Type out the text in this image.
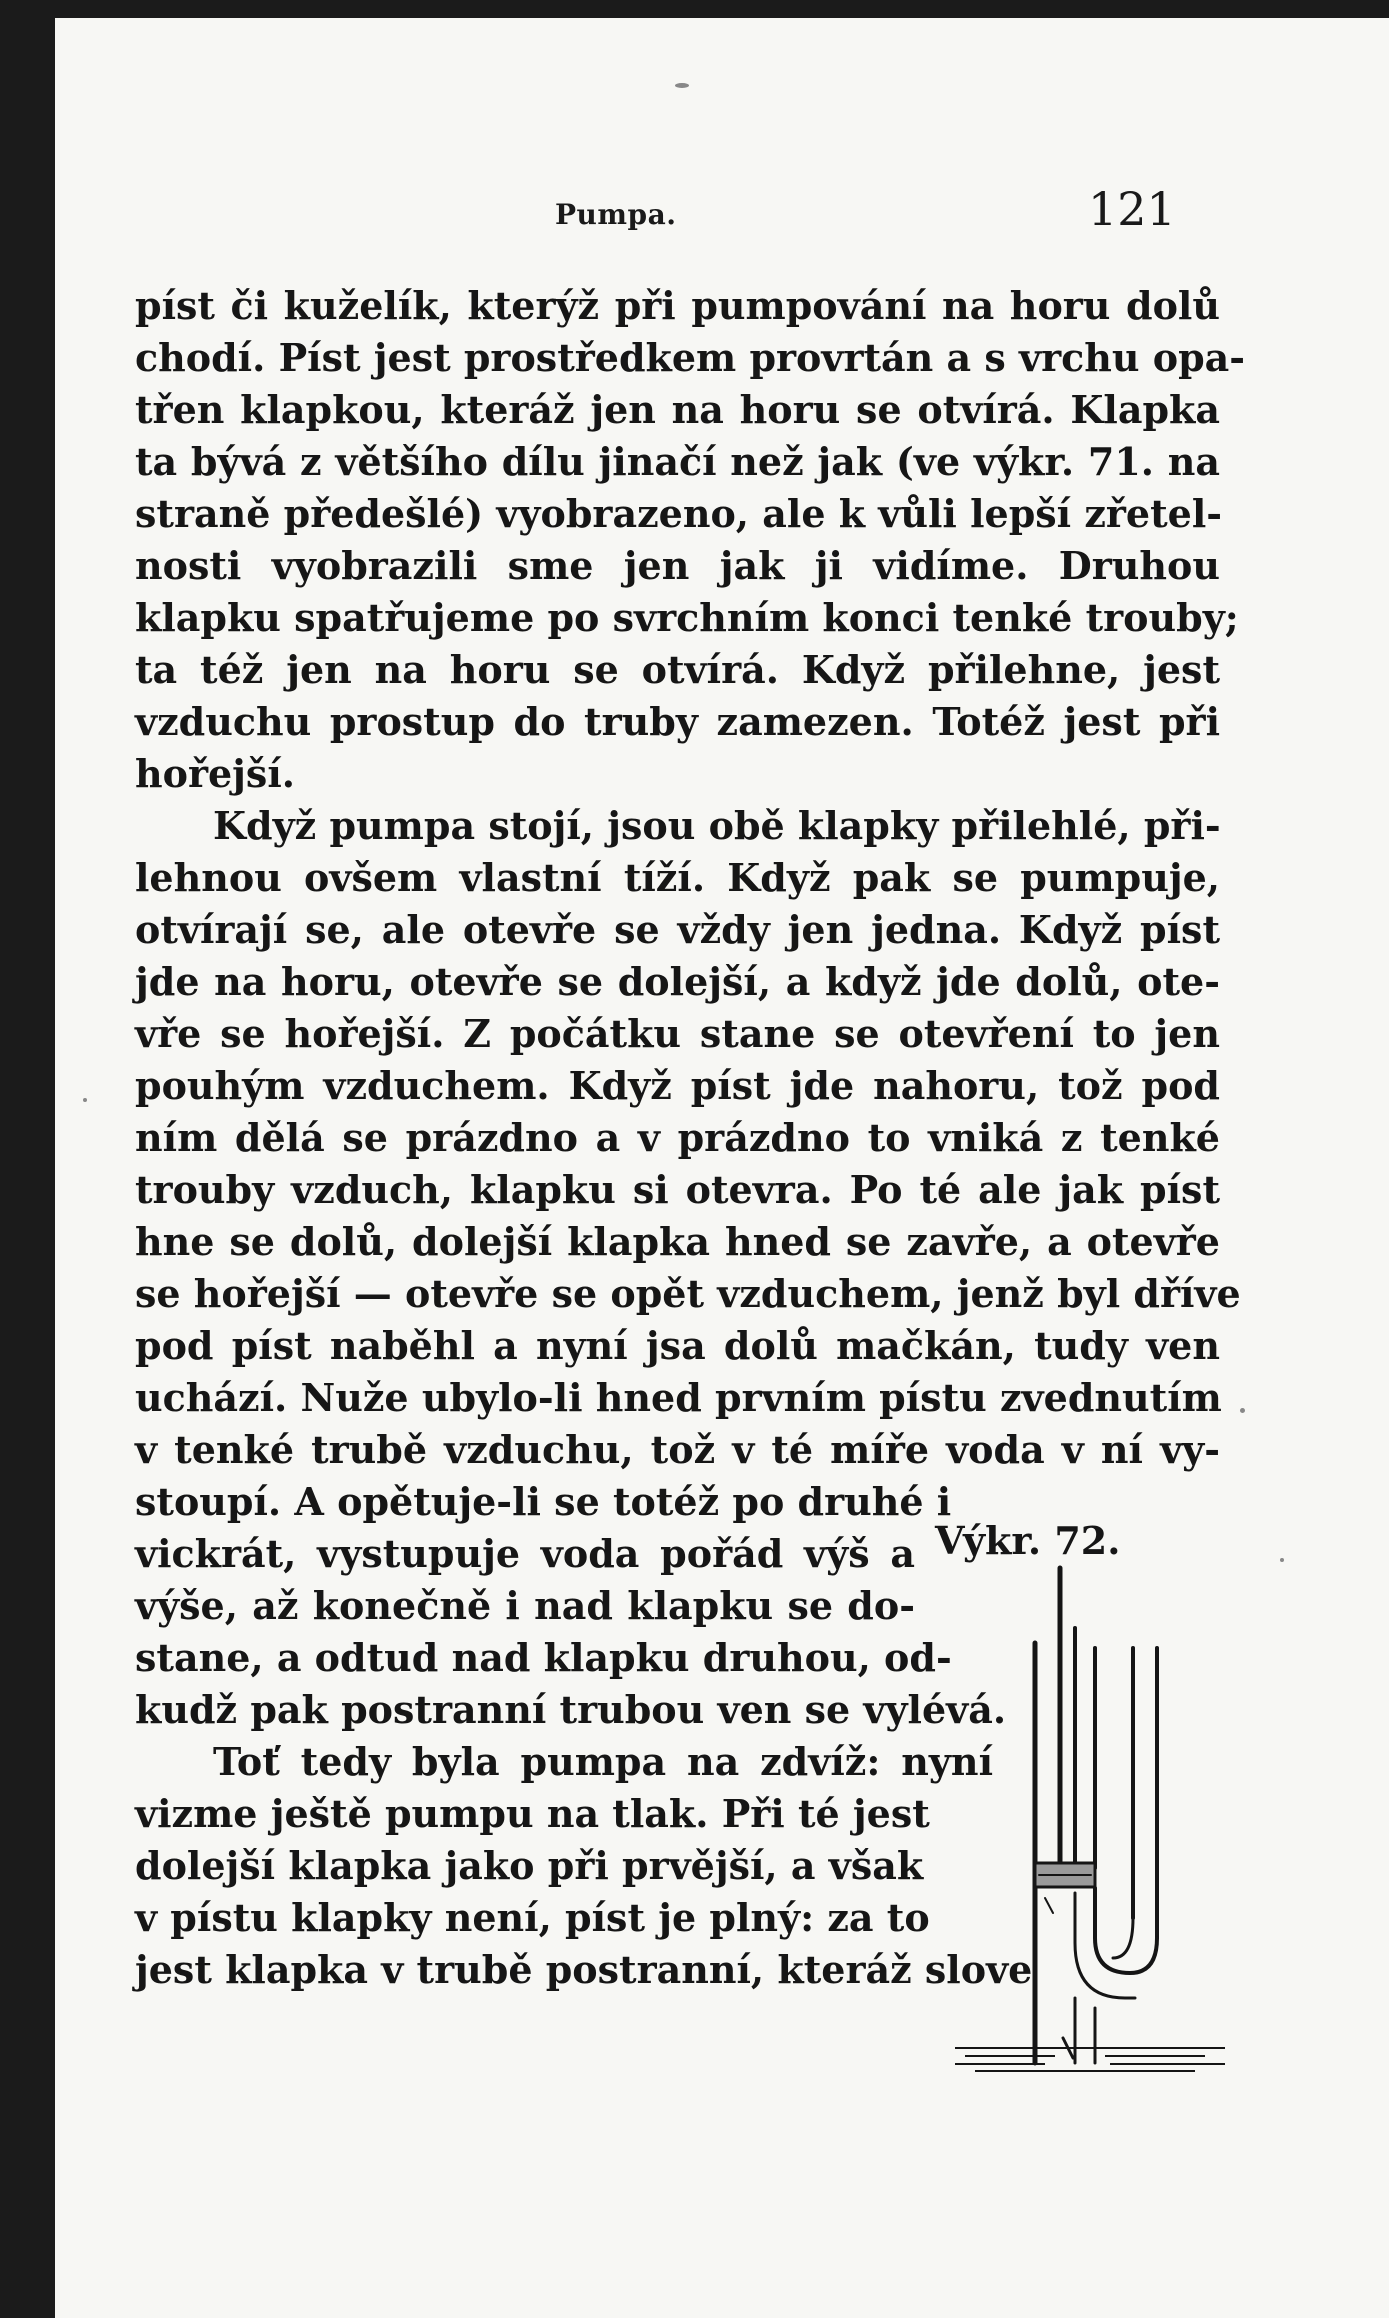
Pumpa.	121
píst či kuželík, kterýž při pumpování na horu dolů
chodí. Píst jest prostředkem provrtán a s vrchu opa-
třen klapkou, kteráž jen na horu se otvírá. Klapka
ta bývá z většího dílu jinačí než jak (ve výkr. 71. na
straně předešlé) vyobrazeno, ale k vůli lepší zřetel-
nosti vyobrazili sme jen jak ji vidíme. Druhou
klapku spatřujeme po svrchním konci tenké trouby;
ta též jen na horu se otvírá. Když přilehne, jest
vzduchu prostup do truby zamezen. Totéž jest při
hořejší.
Když pumpa stojí, jsou obě klapky přilehlé, při-
lehnou ovšem vlastní tíží. Když pak se pumpuje,
otvírají se, ale otevře se vždy jen jedna. Když píst
jde na horu, otevře se dolejší, a když jde dolů, ote-
vře se hořejší. Z počátku stane se otevření to jen
pouhým vzduchem. Když píst jde nahoru, tož pod
ním dělá se prázdno a v prázdno to vniká z tenké
trouby vzduch, klapku si otevra. Po té ale jak píst
hne se dolů, dolejší klapka hned se zavře, a otevře
se hořejší — otevře se opět vzduchem, jenž byl dříve
pod píst naběhl a nyní jsa dolů mačkán, tudy ven
uchází. Nuže ubylo-li hned prvním pístu zvednutím
v tenké trubě vzduchu, tož v té míře voda v ní vy-
stoupí. A opětuje-li se totéž po druhé i
vickrát, vystupuje voda pořád výš a
výše, až konečně i nad klapku se do-
stane, a odtud nad klapku druhou, od-
kudž pak postranní trubou ven se vylévá.
Toť tedy byla pumpa na zdvíž: nyní
vizme ještě pumpu na tlak. Při té jest
dolejší klapka jako při prvější, a však
v pístu klapky není, píst je plný: za to
jest klapka v trubě postranní, kteráž slove
Výkr. 72.
